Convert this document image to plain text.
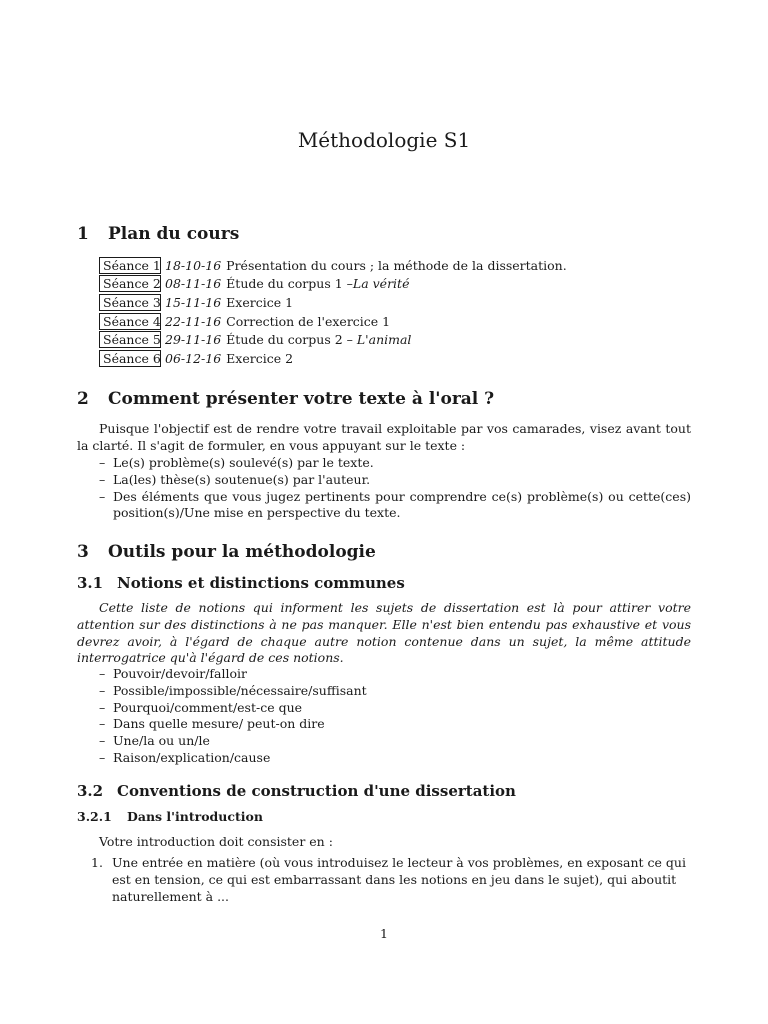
Méthodologie S1
1 Plan du cours
Séance 1 18-10-16 Présentation du cours ; la méthode de la dissertation.
Séance 2 08-11-16 Étude du corpus 1 – La vérité
Séance 3 15-11-16 Exercice 1
Séance 4 22-11-16 Correction de l'exercice 1
Séance 5 29-11-16 Étude du corpus 2 –
L'animal
Séance 6 06-12-16 Exercice 2
2 Comment présenter votre texte à l'oral ?
Puisque l'objectif est de rendre votre travail exploitable par vos camarades, visez avant tout la clarté. Il s'agit de formuler, en vous appuyant sur le texte :
– Le(s) problème(s) soulevé(s) par le texte.
– La(les) thèse(s) soutenue(s) par l'auteur.
– Des éléments que vous jugez pertinents pour comprendre ce(s) problème(s) ou cette(ces) position(s)/Une mise en perspective du texte.
3 Outils pour la méthodologie
3.1 Notions et distinctions communes
Cette liste de notions qui informent les sujets de dissertation est là pour attirer votre attention sur des distinctions à ne pas manquer. Elle n'est bien entendu pas exhaustive et vous devrez avoir, à l'égard de chaque autre notion contenue dans un sujet, la même attitude interrogatrice qu'à l'égard de ces notions.
– Pouvoir/devoir/falloir
– Possible/impossible/nécessaire/suffisant
– Pourquoi/comment/est-ce que
– Dans quelle mesure/ peut-on dire
– Une/la ou un/le
– Raison/explication/cause
3.2 Conventions de construction d'une dissertation
3.2.1 Dans l'introduction
Votre introduction doit consister en :
1. Une entrée en matière (où vous introduisez le lecteur à vos problèmes, en exposant ce qui est en tension, ce qui est embarrassant dans les notions en jeu dans le sujet), qui aboutit naturellement à ...
1
